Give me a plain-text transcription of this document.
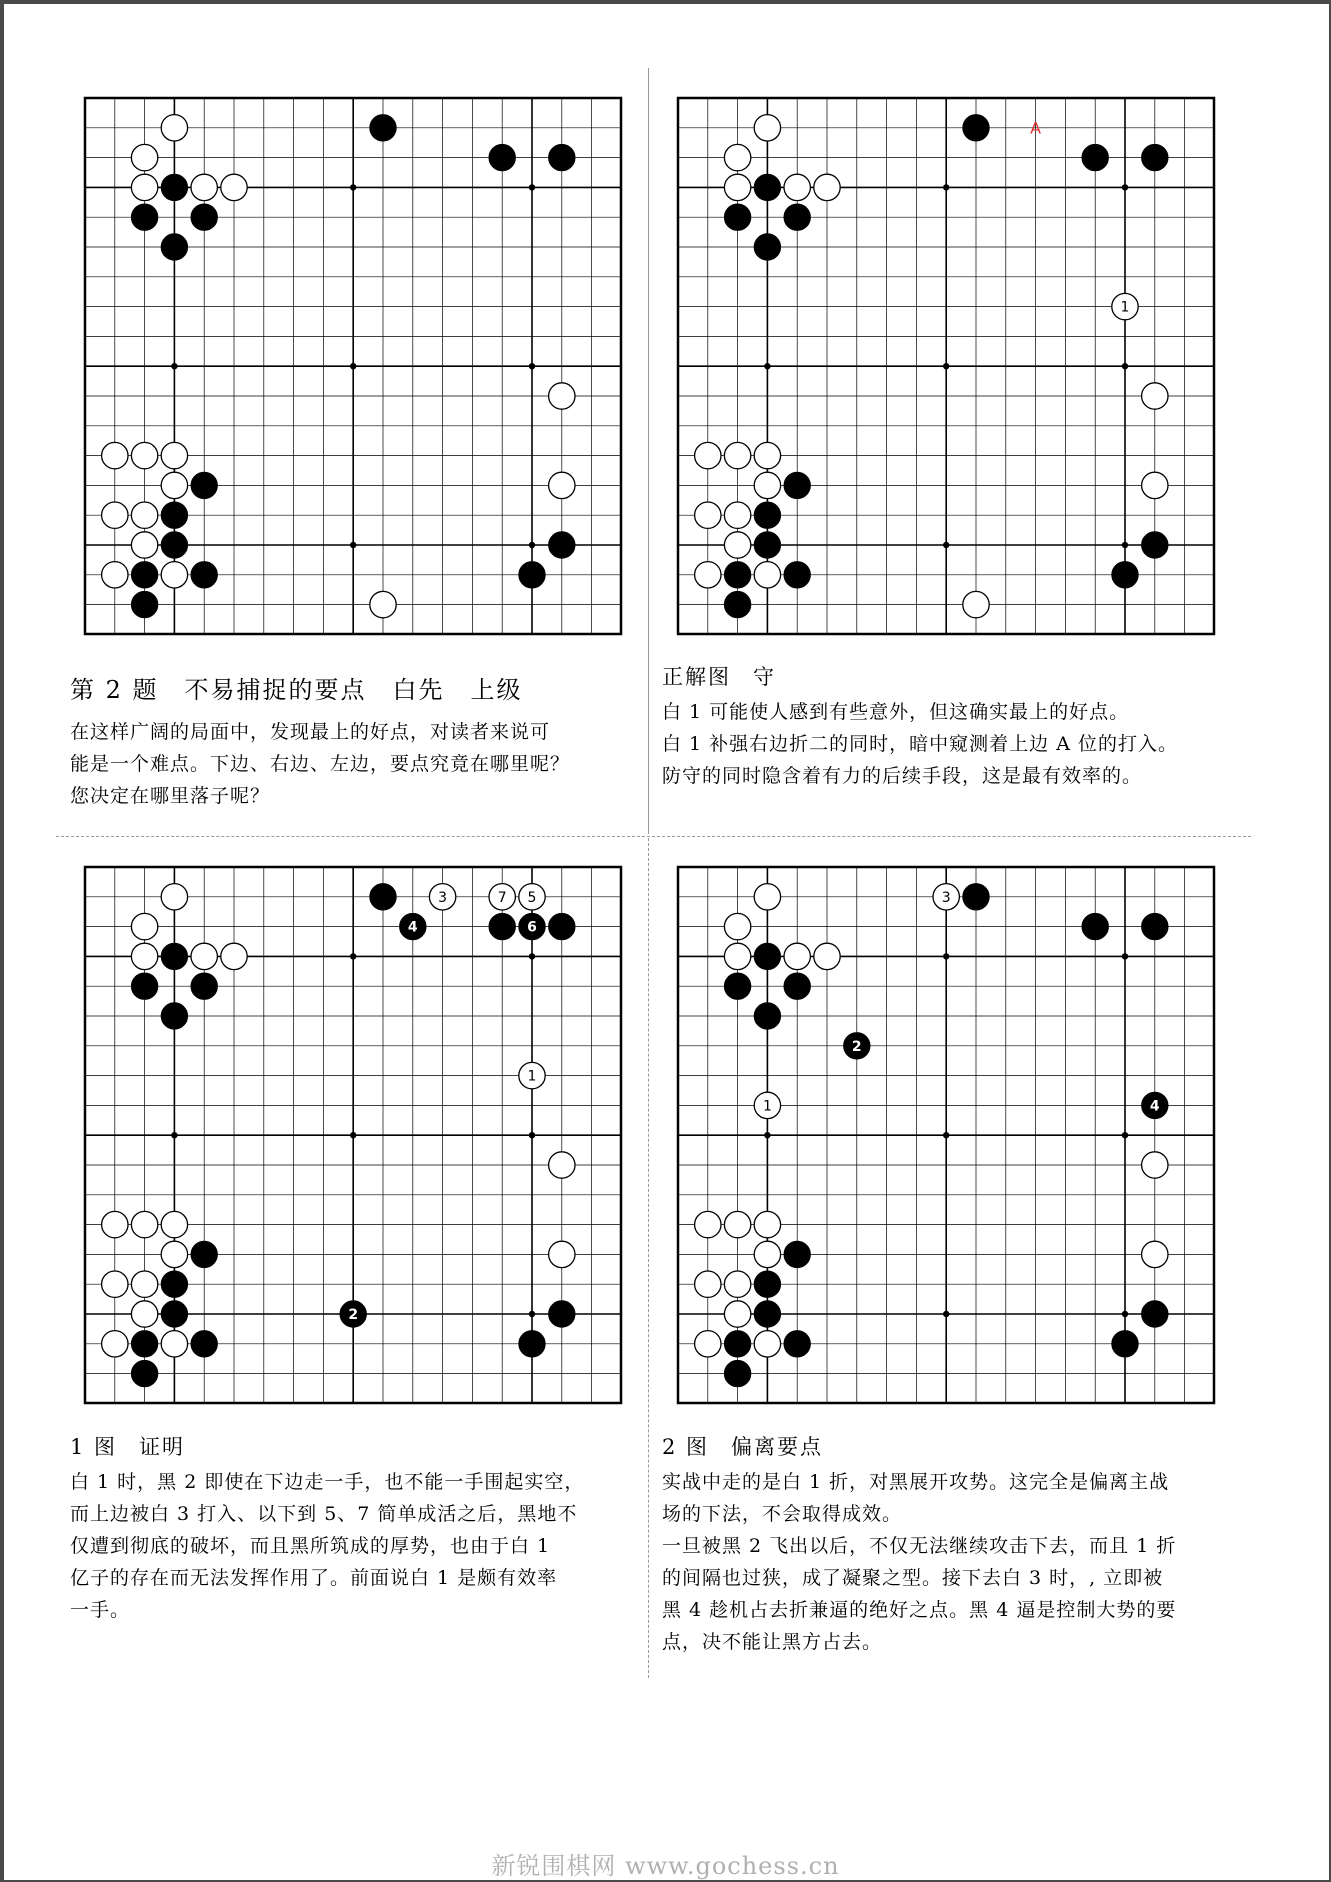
1
A
1
2
3
4
5
6
7
1
2
3
4
第 2 题 不易捕捉的要点 白先 上级

在这样广阔的局面中，发现最上的好点，对读者来说可

能是一个难点。下边、右边、左边，要点究竟在哪里呢？

您决定在哪里落子呢？

正解图 守

白 1 可能使人感到有些意外，但这确实最上的好点。

白 1 补强右边折二的同时，暗中窥测着上边 A 位的打入。

防守的同时隐含着有力的后续手段，这是最有效率的。

1 图 证明

白 1 时，黑 2 即使在下边走一手，也不能一手围起实空，

而上边被白 3 打入、以下到 5、7 简单成活之后，黑地不

仅遭到彻底的破坏，而且黑所筑成的厚势，也由于白 1

亿子的存在而无法发挥作用了。前面说白 1 是颇有效率

一手。

2 图 偏离要点

实战中走的是白 1 折，对黑展开攻势。这完全是偏离主战

场的下法，不会取得成效。

一旦被黑 2 飞出以后，不仅无法继续攻击下去，而且 1 折

的间隔也过狭，成了凝聚之型。接下去白 3 时，, 立即被

黑 4 趁机占去折兼逼的绝好之点。黑 4 逼是控制大势的要

点，决不能让黑方占去。

新锐围棋网 www.gochess.cn
